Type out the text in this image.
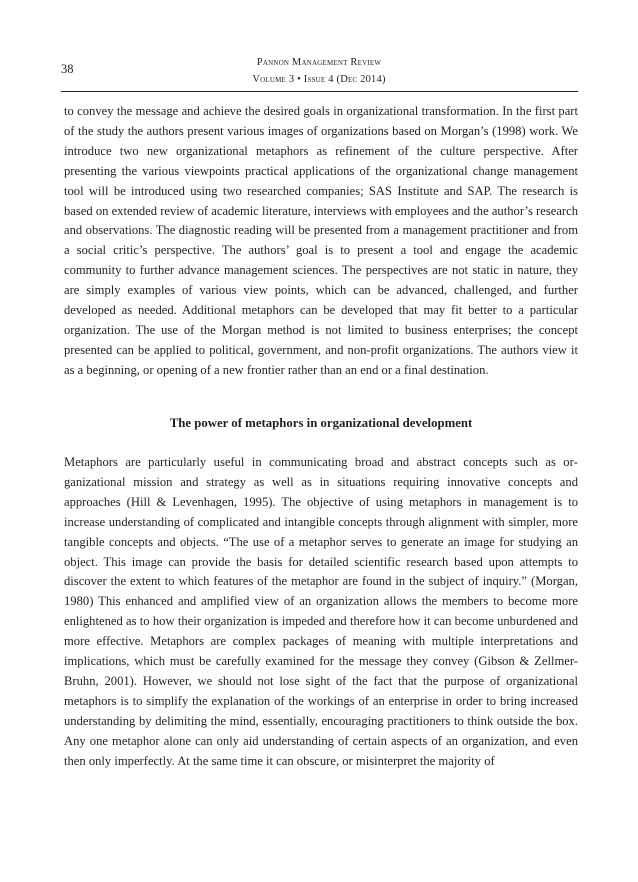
38	Pannon Management Review
Volume 3 • Issue 4 (Dec 2014)

to convey the message and achieve the desired goals in organizational transformation. In the first part of the study the authors present various images of organizations based on Morgan’s (1998) work. We introduce two new organizational metaphors as refinement of the culture perspective. After presenting the various viewpoints practical applications of the organizational change management tool will be introduced using two researched companies; SAS Institute and SAP. The research is based on extended review of academic literature, interviews with employees and the author’s research and observations. The diagnostic reading will be presented from a management practitioner and from a social critic’s perspective. The authors’ goal is to present a tool and engage the academic community to further advance management sciences. The perspectives are not static in nature, they are simply examples of various view points, which can be advanced, challenged, and further developed as needed. Additional metaphors can be developed that may fit better to a particular organization. The use of the Morgan method is not limited to business enterprises; the concept presented can be applied to political, government, and non-profit organizations. The authors view it as a beginning, or opening of a new frontier rather than an end or a final destination.

The power of metaphors in organizational development

Metaphors are particularly useful in communicating broad and abstract concepts such as organizational mission and strategy as well as in situations requiring innovative concepts and approaches (Hill & Levenhagen, 1995). The objective of using metaphors in management is to increase understanding of complicated and intangible concepts through alignment with simpler, more tangible concepts and objects. “The use of a metaphor serves to generate an image for studying an object. This image can provide the basis for detailed scientific research based upon attempts to discover the extent to which features of the metaphor are found in the subject of inquiry.” (Morgan, 1980) This enhanced and amplified view of an organization allows the members to become more enlightened as to how their organization is impeded and therefore how it can become unburdened and more effective. Metaphors are complex packages of meaning with multiple interpretations and implications, which must be carefully examined for the message they convey (Gibson & Zellmer-Bruhn, 2001). However, we should not lose sight of the fact that the purpose of organizational metaphors is to simplify the explanation of the workings of an enterprise in order to bring increased understanding by delimiting the mind, essentially, encouraging practitioners to think outside the box. Any one metaphor alone can only aid understanding of certain aspects of an organization, and even then only imperfectly. At the same time it can obscure, or misinterpret the majority of
